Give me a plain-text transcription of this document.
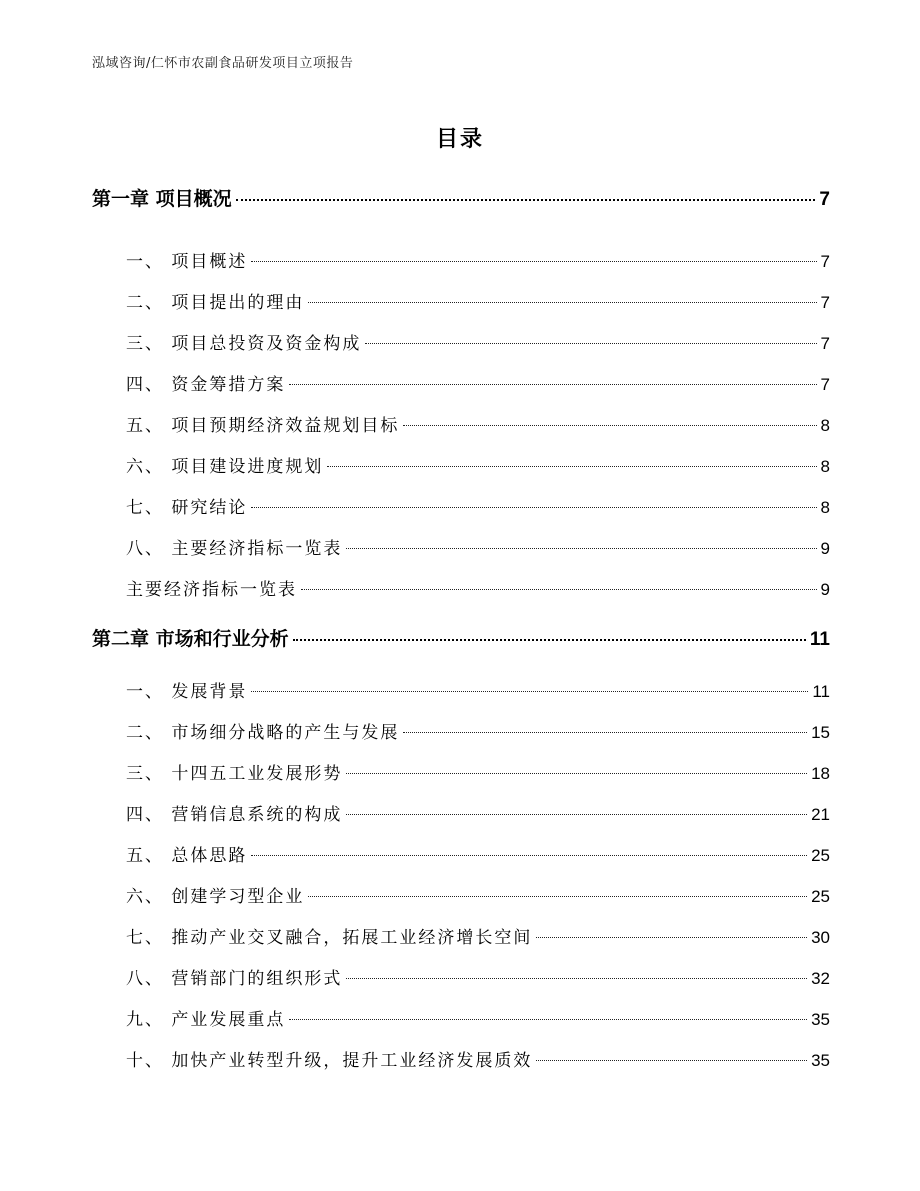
泓域咨询/仁怀市农副食品研发项目立项报告
目录
第一章 项目概况	7
一、 项目概述	7
二、 项目提出的理由	7
三、 项目总投资及资金构成	7
四、 资金筹措方案	7
五、 项目预期经济效益规划目标	8
六、 项目建设进度规划	8
七、 研究结论	8
八、 主要经济指标一览表	9
主要经济指标一览表	9
第二章 市场和行业分析	11
一、 发展背景	11
二、 市场细分战略的产生与发展	15
三、 十四五工业发展形势	18
四、 营销信息系统的构成	21
五、 总体思路	25
六、 创建学习型企业	25
七、 推动产业交叉融合，拓展工业经济增长空间	30
八、 营销部门的组织形式	32
九、 产业发展重点	35
十、 加快产业转型升级，提升工业经济发展质效	35
